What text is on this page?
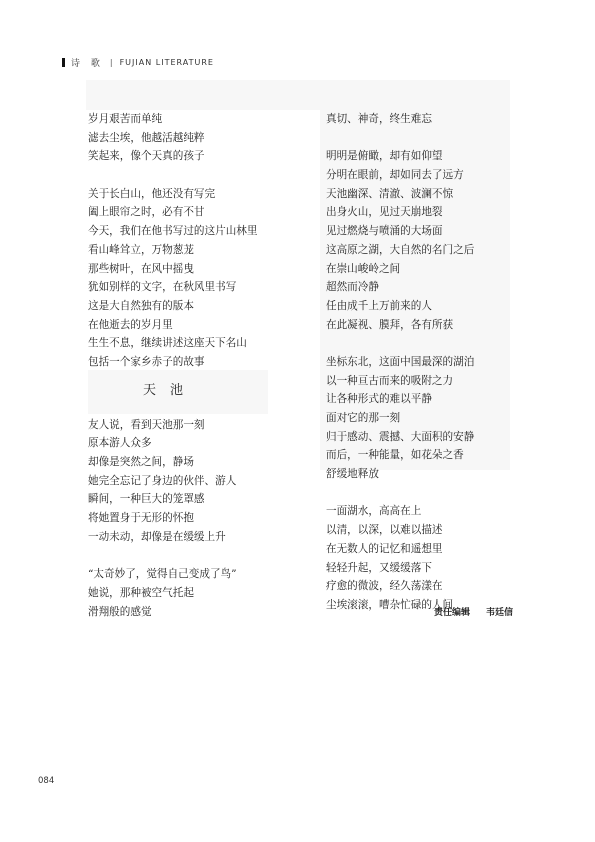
诗 歌 | FUJIAN LITERATURE
岁月艰苦而单纯
滤去尘埃，他越活越纯粹
笑起来，像个天真的孩子
关于长白山，他还没有写完
阖上眼帘之时，必有不甘
今天，我们在他书写过的这片山林里
看山峰耸立，万物葱茏
那些树叶，在风中摇曳
犹如别样的文字，在秋风里书写
这是大自然独有的版本
在他逝去的岁月里
生生不息，继续讲述这座天下名山
包括一个家乡赤子的故事
天池
友人说，看到天池那一刻
原本游人众多
却像是突然之间，静场
她完全忘记了身边的伙伴、游人
瞬间，一种巨大的笼罩感
将她置身于无形的怀抱
一动未动，却像是在缓缓上升
“太奇妙了，觉得自己变成了鸟”
她说，那种被空气托起
滑翔般的感觉
真切、神奇，终生难忘
明明是俯瞰，却有如仰望
分明在眼前，却如同去了远方
天池幽深、清澈、波澜不惊
出身火山，见过天崩地裂
见过燃烧与喷涌的大场面
这高原之湖，大自然的名门之后
在崇山峻岭之间
超然而冷静
任由成千上万前来的人
在此凝视、膜拜，各有所获
坐标东北，这面中国最深的湖泊
以一种亘古而来的吸附之力
让各种形式的难以平静
面对它的那一刻
归于感动、震撼、大面积的安静
而后，一种能量，如花朵之香
舒缓地释放
一面湖水，高高在上
以清，以深，以难以描述
在无数人的记忆和遥想里
轻轻升起，又缓缓落下
疗愈的微波，经久荡漾在
尘埃滚滚，嘈杂忙碌的人间
责任编辑 韦廷信
084
